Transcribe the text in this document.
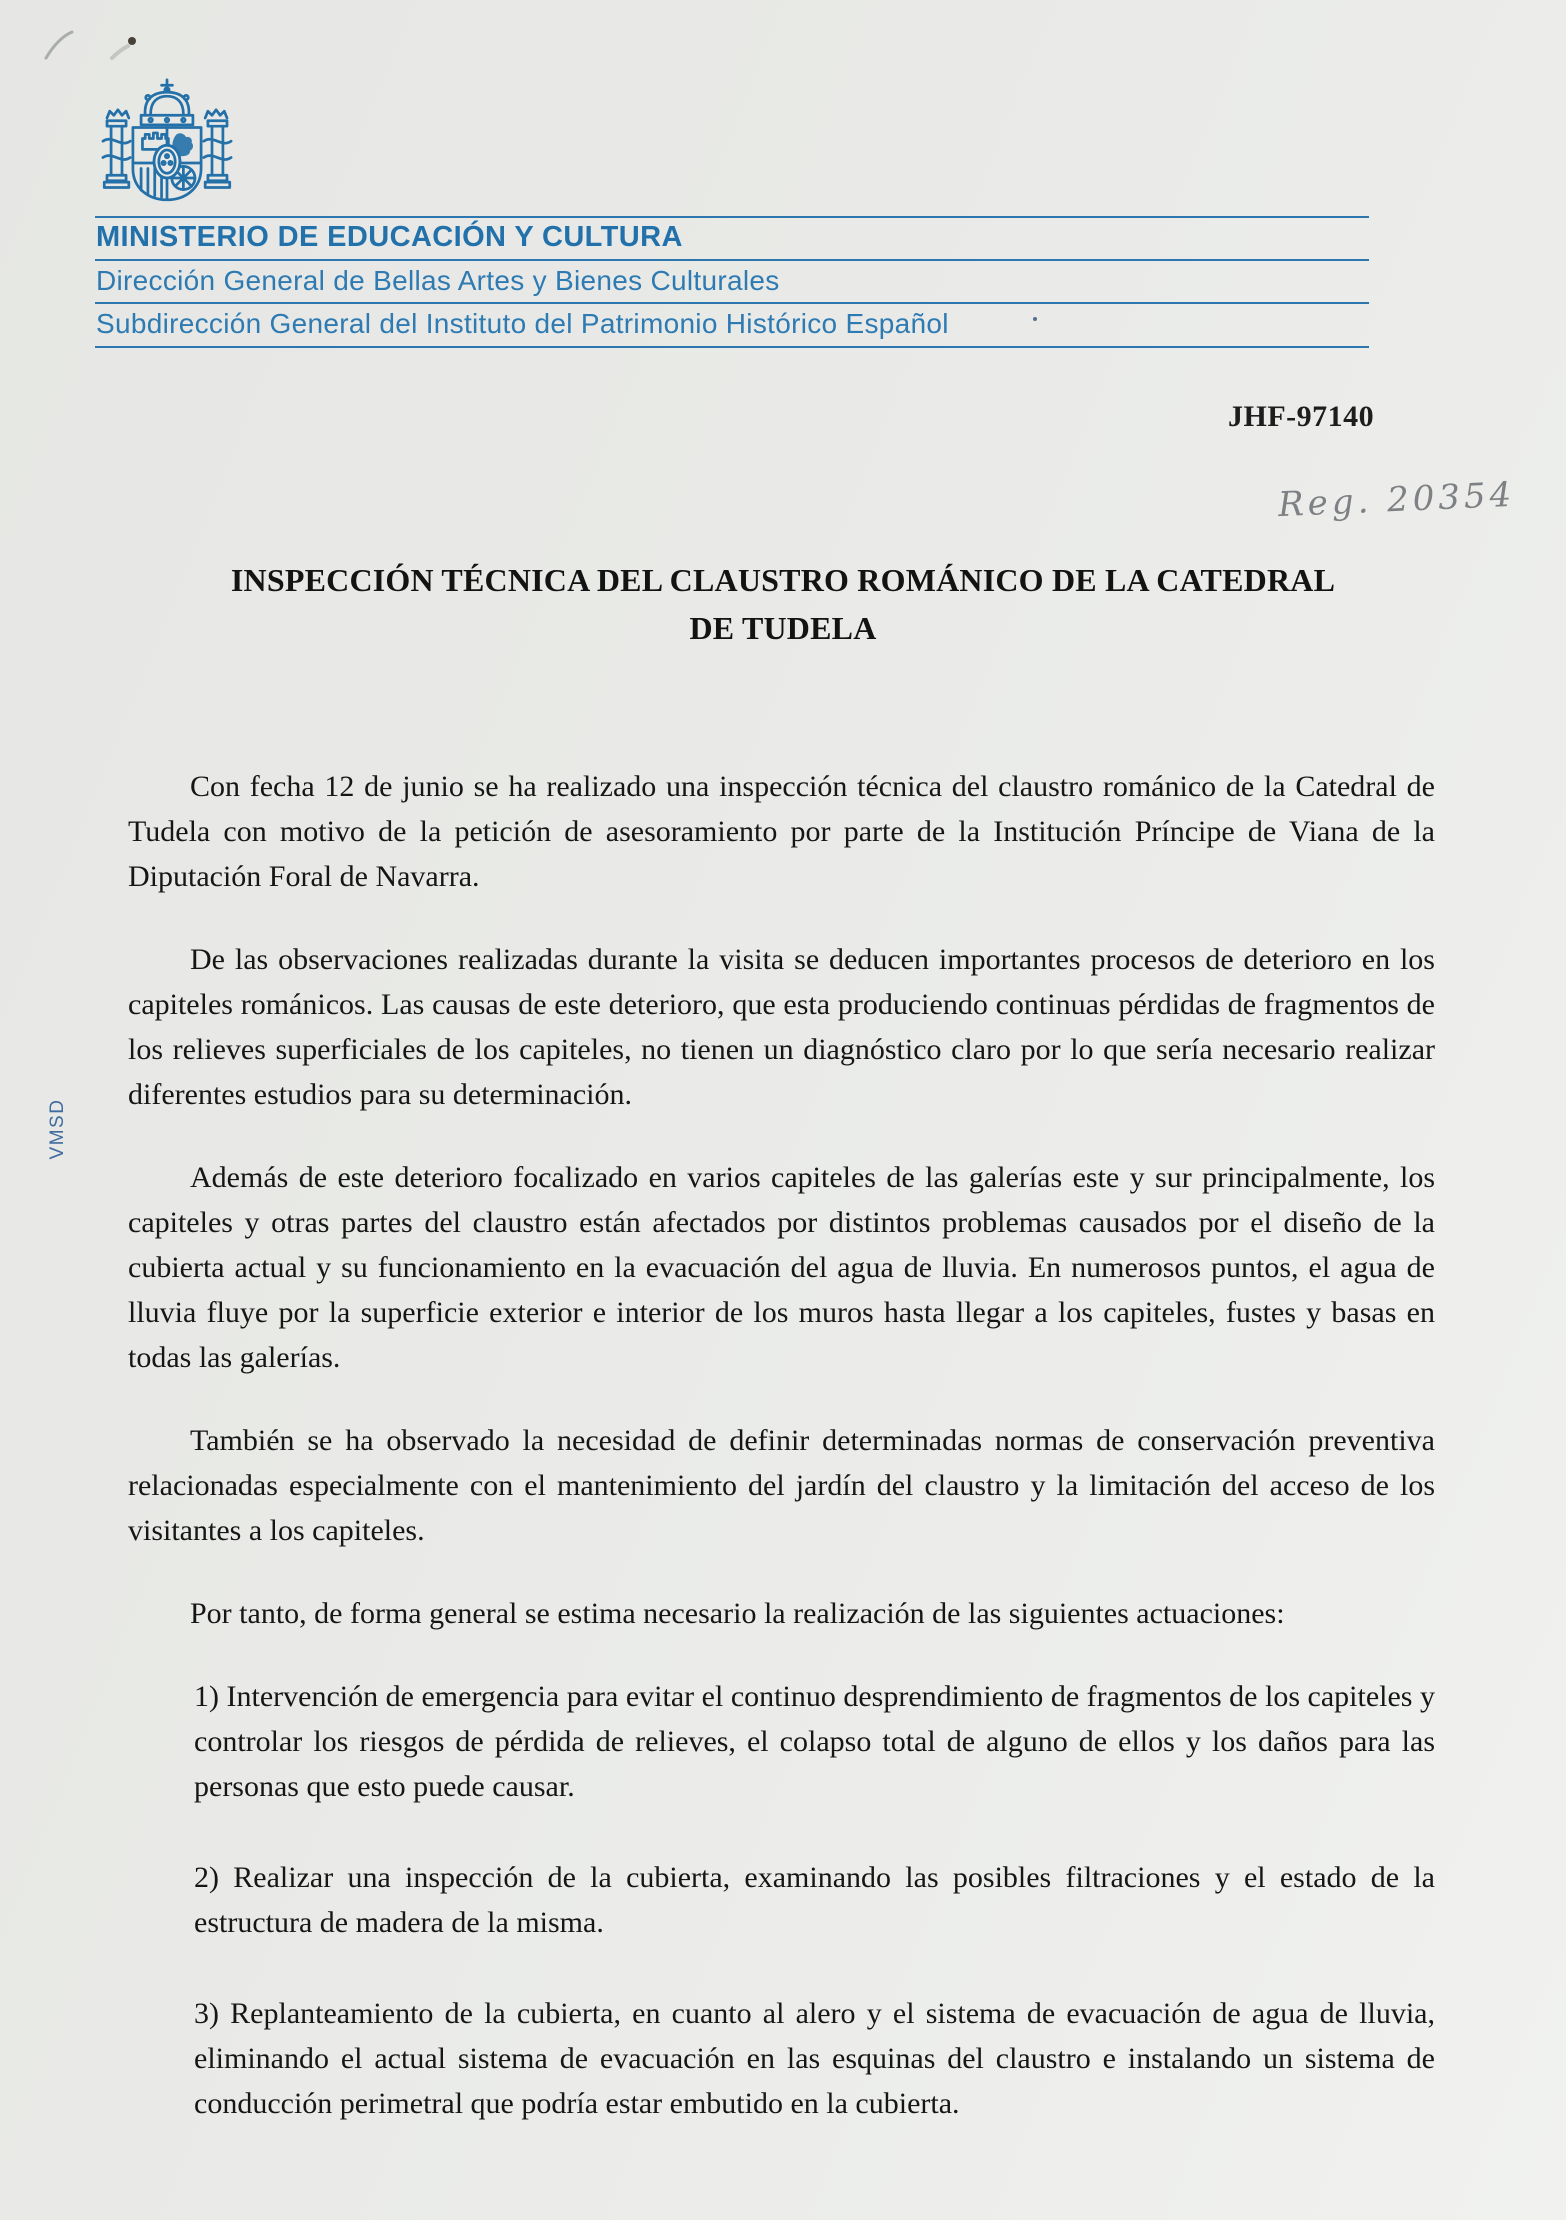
MINISTERIO DE EDUCACIÓN Y CULTURA
Dirección General de Bellas Artes y Bienes Culturales
Subdirección General del Instituto del Patrimonio Histórico Español
JHF-97140
Reg. 20354
INSPECCIÓN TÉCNICA DEL CLAUSTRO ROMÁNICO DE LA CATEDRAL DE TUDELA
VMSD

Con fecha 12 de junio se ha realizado una inspección técnica del claustro románico de la Catedral de Tudela con motivo de la petición de asesoramiento por parte de la Institución Príncipe de Viana de la Diputación Foral de Navarra.

De las observaciones realizadas durante la visita se deducen importantes procesos de deterioro en los capiteles románicos. Las causas de este deterioro, que esta produciendo continuas pérdidas de fragmentos de los relieves superficiales de los capiteles, no tienen un diagnóstico claro por lo que sería necesario realizar diferentes estudios para su determinación.

Además de este deterioro focalizado en varios capiteles de las galerías este y sur principalmente, los capiteles y otras partes del claustro están afectados por distintos problemas causados por el diseño de la cubierta actual y su funcionamiento en la evacuación del agua de lluvia. En numerosos puntos, el agua de lluvia fluye por la superficie exterior e interior de los muros hasta llegar a los capiteles, fustes y basas en todas las galerías.

También se ha observado la necesidad de definir determinadas normas de conservación preventiva relacionadas especialmente con el mantenimiento del jardín del claustro y la limitación del acceso de los visitantes a los capiteles.

Por tanto, de forma general se estima necesario la realización de las siguientes actuaciones:

1) Intervención de emergencia para evitar el continuo desprendimiento de fragmentos de los capiteles y controlar los riesgos de pérdida de relieves, el colapso total de alguno de ellos y los daños para las personas que esto puede causar.

2) Realizar una inspección de la cubierta, examinando las posibles filtraciones y el estado de la estructura de madera de la misma.

3) Replanteamiento de la cubierta, en cuanto al alero y el sistema de evacuación de agua de lluvia, eliminando el actual sistema de evacuación en las esquinas del claustro e instalando un sistema de conducción perimetral que podría estar embutido en la cubierta.
